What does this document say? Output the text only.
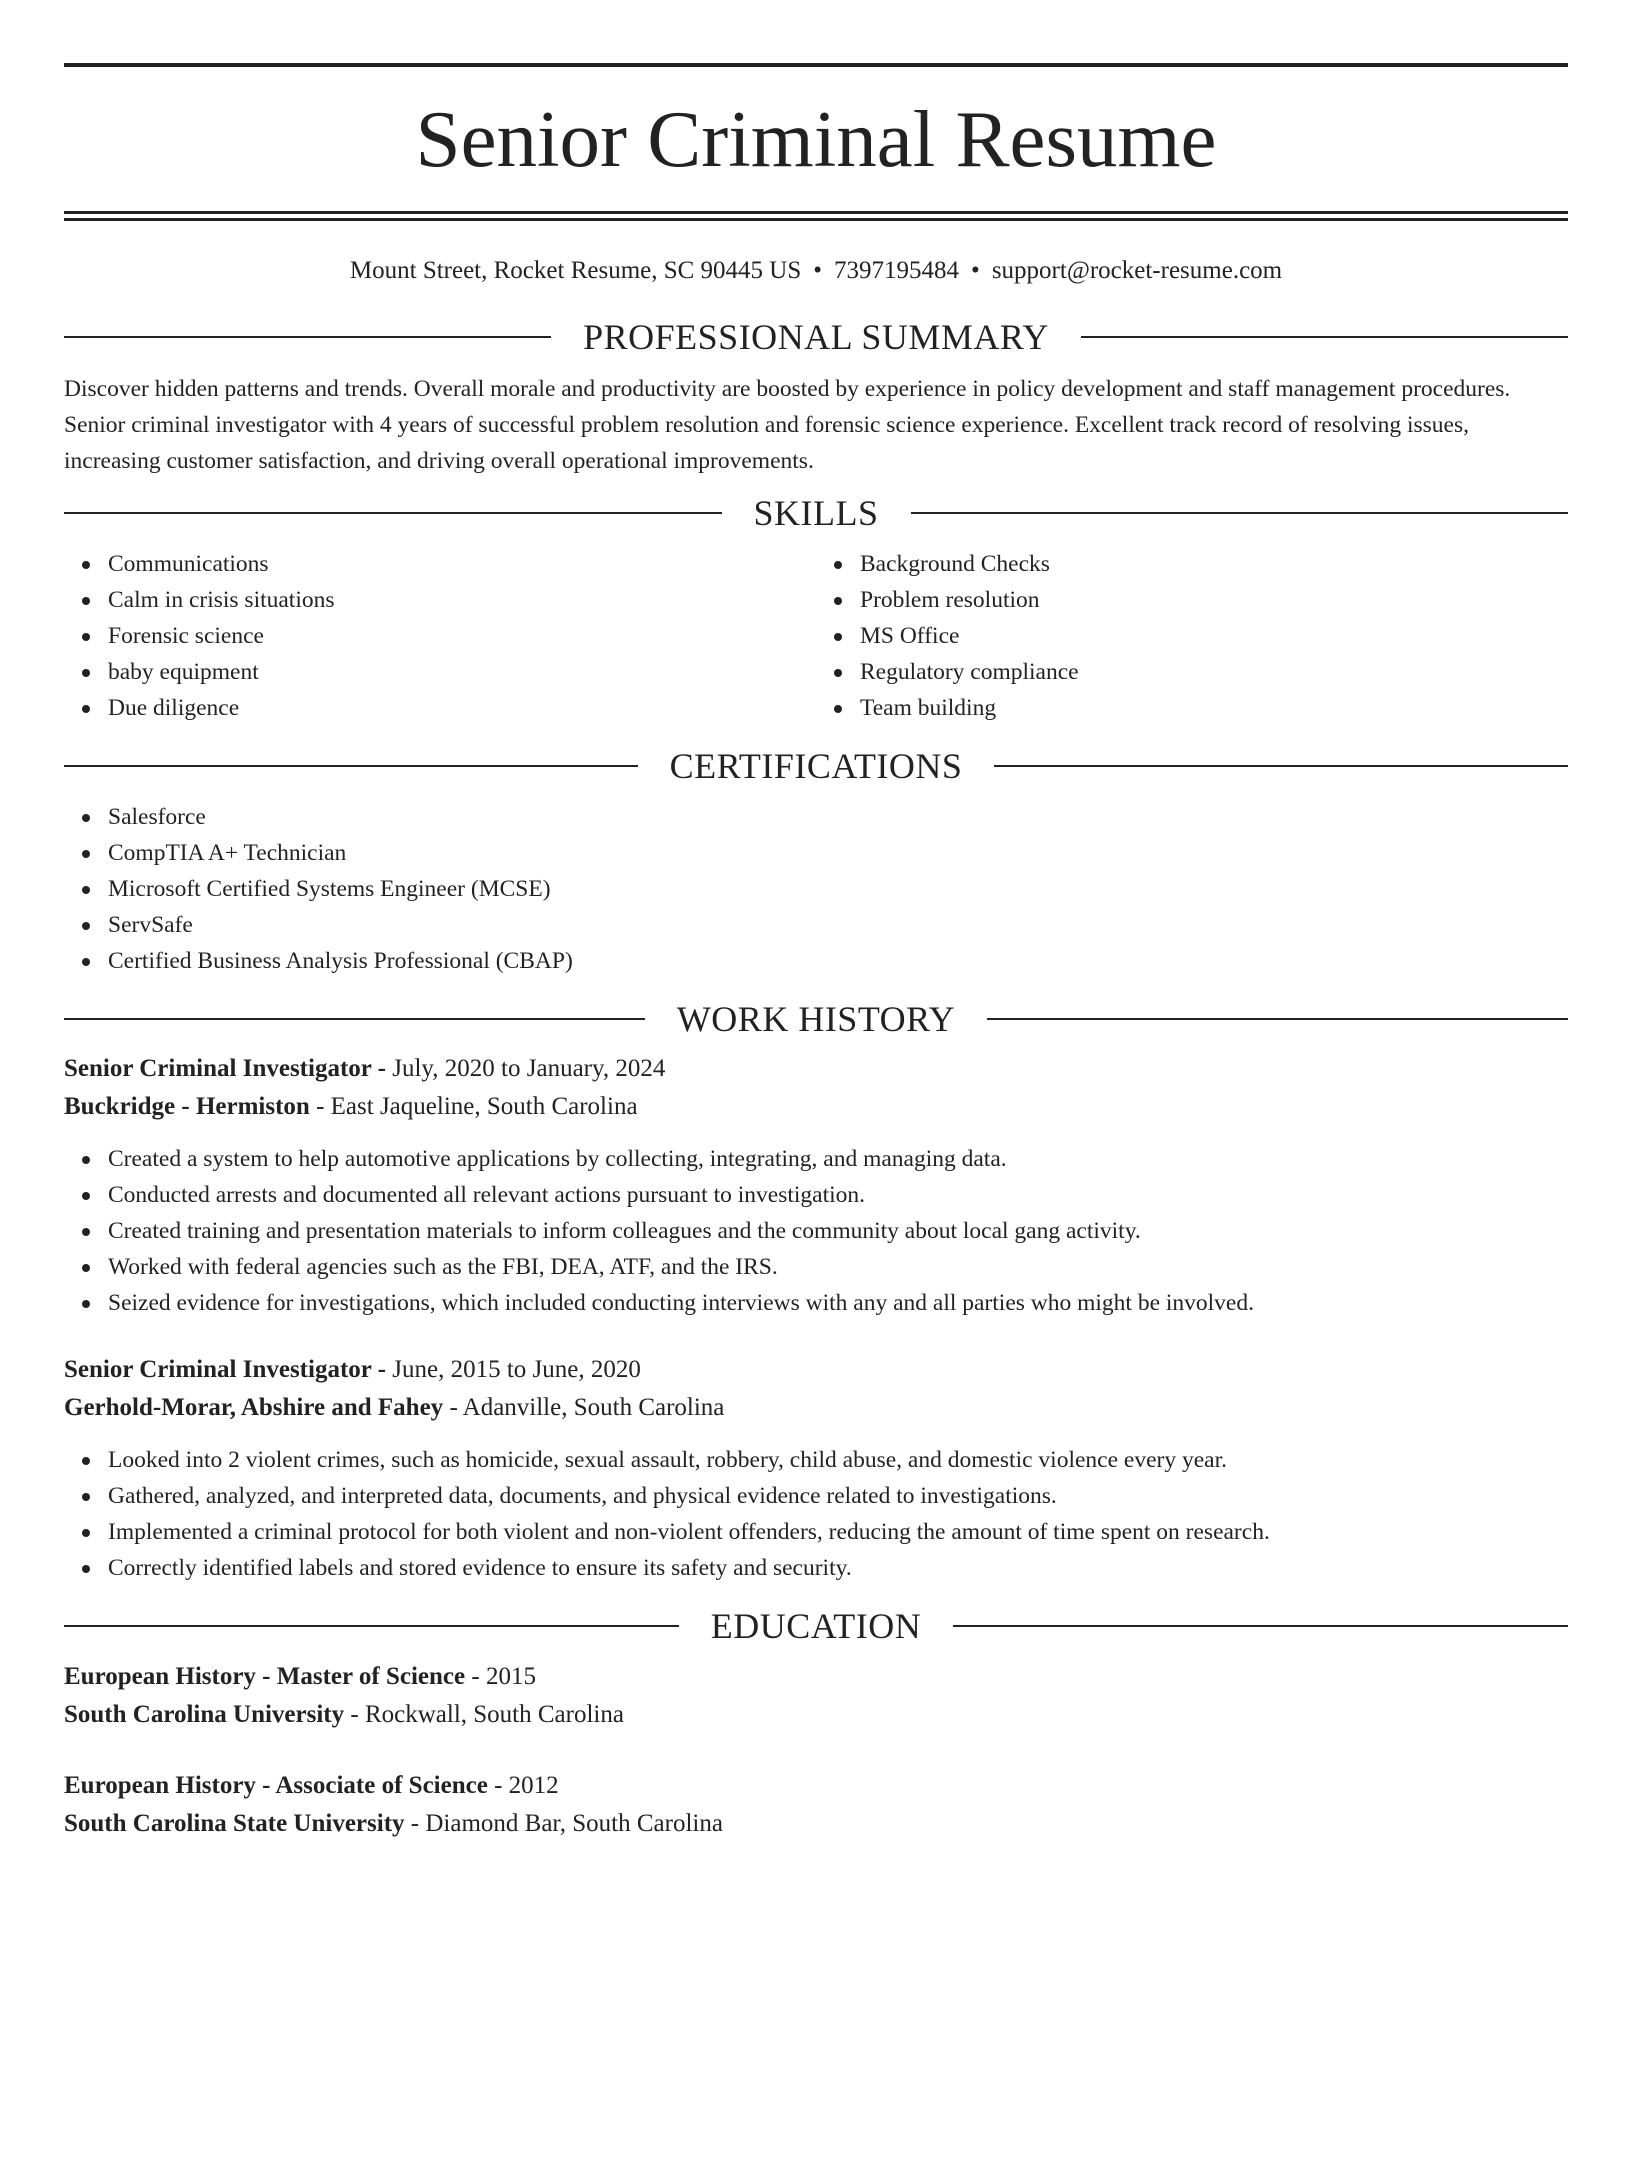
Senior Criminal Resume
Mount Street, Rocket Resume, SC 90445 US • 7397195484 • support@rocket-resume.com
PROFESSIONAL SUMMARY

Discover hidden patterns and trends. Overall morale and productivity are boosted by experience in policy development and staff management procedures. Senior criminal investigator with 4 years of successful problem resolution and forensic science experience. Excellent track record of resolving issues, increasing customer satisfaction, and driving overall operational improvements.

SKILLS
Communications
Calm in crisis situations
Forensic science
baby equipment
Due diligence
Background Checks
Problem resolution
MS Office
Regulatory compliance
Team building
CERTIFICATIONS
Salesforce
CompTIA A+ Technician
Microsoft Certified Systems Engineer (MCSE)
ServSafe
Certified Business Analysis Professional (CBAP)
WORK HISTORY
Senior Criminal Investigator - July, 2020 to January, 2024
Buckridge - Hermiston - East Jaqueline, South Carolina
Created a system to help automotive applications by collecting, integrating, and managing data.
Conducted arrests and documented all relevant actions pursuant to investigation.
Created training and presentation materials to inform colleagues and the community about local gang activity.
Worked with federal agencies such as the FBI, DEA, ATF, and the IRS.
Seized evidence for investigations, which included conducting interviews with any and all parties who might be involved.
Senior Criminal Investigator - June, 2015 to June, 2020
Gerhold-Morar, Abshire and Fahey - Adanville, South Carolina
Looked into 2 violent crimes, such as homicide, sexual assault, robbery, child abuse, and domestic violence every year.
Gathered, analyzed, and interpreted data, documents, and physical evidence related to investigations.
Implemented a criminal protocol for both violent and non-violent offenders, reducing the amount of time spent on research.
Correctly identified labels and stored evidence to ensure its safety and security.
EDUCATION
European History - Master of Science - 2015
South Carolina University - Rockwall, South Carolina
European History - Associate of Science - 2012
South Carolina State University - Diamond Bar, South Carolina
